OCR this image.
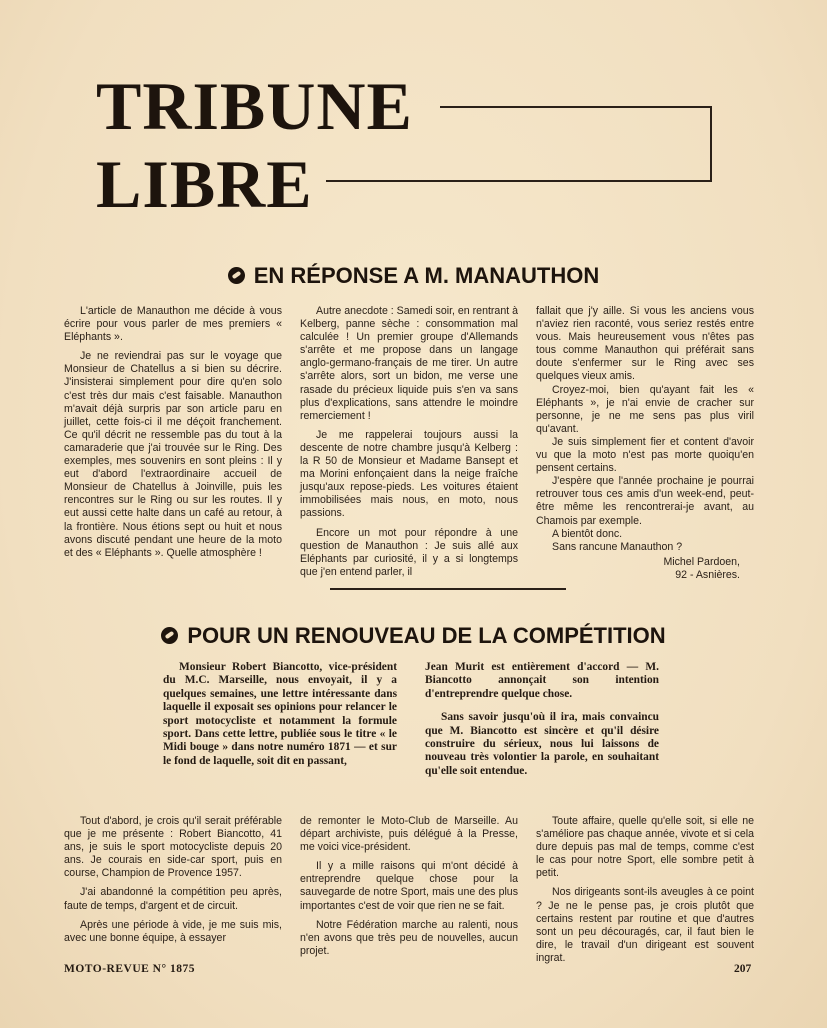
TRIBUNE
LIBRE
EN RÉPONSE A M. MANAUTHON

L'article de Manauthon me décide à vous écrire pour vous parler de mes premiers « Eléphants ».

Je ne reviendrai pas sur le voyage que Monsieur de Chatellus a si bien su décrire. J'insisterai simplement pour dire qu'en solo c'est très dur mais c'est faisable. Manauthon m'avait déjà surpris par son article paru en juillet, cette fois-ci il me déçoit franchement. Ce qu'il décrit ne ressemble pas du tout à la camaraderie que j'ai trouvée sur le Ring. Des exemples, mes souvenirs en sont pleins : Il y eut d'abord l'extraordinaire accueil de Monsieur de Chatellus à Joinville, puis les rencontres sur le Ring ou sur les routes. Il y eut aussi cette halte dans un café au retour, à la frontière. Nous étions sept ou huit et nous avons discuté pendant une heure de la moto et des « Eléphants ». Quelle atmosphère !

Autre anecdote : Samedi soir, en rentrant à Kelberg, panne sèche : consommation mal calculée ! Un premier groupe d'Allemands s'arrête et me propose dans un langage anglo-germano-français de me tirer. Un autre s'arrête alors, sort un bidon, me verse une rasade du précieux liquide puis s'en va sans plus d'explications, sans attendre le moindre remerciement !

Je me rappelerai toujours aussi la descente de notre chambre jusqu'à Kelberg : la R 50 de Monsieur et Madame Bansept et ma Morini enfonçaient dans la neige fraîche jusqu'aux repose-pieds. Les voitures étaient immobilisées mais nous, en moto, nous passions.

Encore un mot pour répondre à une question de Manauthon : Je suis allé aux Eléphants par curiosité, il y a si longtemps que j'en entend parler, il

fallait que j'y aille. Si vous les anciens vous n'aviez rien raconté, vous seriez restés entre vous. Mais heureusement vous n'êtes pas tous comme Manauthon qui préférait sans doute s'enfermer sur le Ring avec ses quelques vieux amis.

Croyez-moi, bien qu'ayant fait les « Eléphants », je n'ai envie de cracher sur personne, je ne me sens pas plus viril qu'avant.

Je suis simplement fier et content d'avoir vu que la moto n'est pas morte quoiqu'en pensent certains.

J'espère que l'année prochaine je pourrai retrouver tous ces amis d'un week-end, peut-être même les rencontrerai-je avant, au Chamois par exemple.

A bientôt donc.

Sans rancune Manauthon ?

Michel Pardoen,

92 - Asnières.

POUR UN RENOUVEAU DE LA COMPÉTITION

Monsieur Robert Biancotto, vice-président du M.C. Marseille, nous envoyait, il y a quelques semaines, une lettre intéressante dans laquelle il exposait ses opinions pour relancer le sport motocycliste et notamment la formule sport. Dans cette lettre, publiée sous le titre « le Midi bouge » dans notre numéro 1871 — et sur le fond de laquelle, soit dit en passant,

Jean Murit est entièrement d'accord — M. Biancotto annonçait son intention d'entreprendre quelque chose.

Sans savoir jusqu'où il ira, mais convaincu que M. Biancotto est sincère et qu'il désire construire du sérieux, nous lui laissons de nouveau très volontier la parole, en souhaitant qu'elle soit entendue.

Tout d'abord, je crois qu'il serait préférable que je me présente : Robert Biancotto, 41 ans, je suis le sport motocycliste depuis 20 ans. Je courais en side-car sport, puis en course, Champion de Provence 1957.

J'ai abandonné la compétition peu après, faute de temps, d'argent et de circuit.

Après une période à vide, je me suis mis, avec une bonne équipe, à essayer

de remonter le Moto-Club de Marseille. Au départ archiviste, puis délégué à la Presse, me voici vice-président.

Il y a mille raisons qui m'ont décidé à entreprendre quelque chose pour la sauvegarde de notre Sport, mais une des plus importantes c'est de voir que rien ne se fait.

Notre Fédération marche au ralenti, nous n'en avons que très peu de nouvelles, aucun projet.

Toute affaire, quelle qu'elle soit, si elle ne s'améliore pas chaque année, vivote et si cela dure depuis pas mal de temps, comme c'est le cas pour notre Sport, elle sombre petit à petit.

Nos dirigeants sont-ils aveugles à ce point ? Je ne le pense pas, je crois plutôt que certains restent par routine et que d'autres sont un peu découragés, car, il faut bien le dire, le travail d'un dirigeant est souvent ingrat.

MOTO-REVUE N° 1875	207
